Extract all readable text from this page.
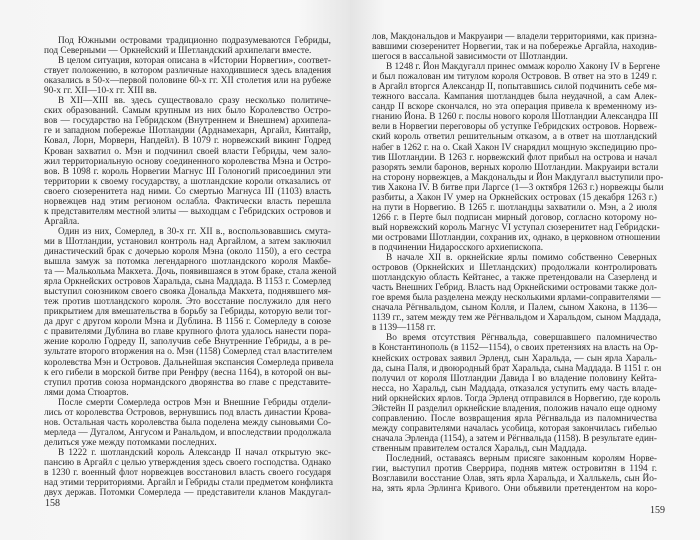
Под Южными островами традиционно подразумеваются Гебриды,
под Северными — Оркнейский и Шетландский архипелаги вместе.
В целом ситуация, которая описана в «Истории Норвегии», соответ-
ствует положению, в котором различные находившиеся здесь владения
оказались в 50-х—первой половине 60-х гг. XII столетия или на рубеже
90-х гг. XII—10-х гг. XIII вв.
В XII—XIII вв. здесь существовало сразу несколько политиче-
ских образований. Самым крупным из них было Королевство Остро-
вов — государство на Гебридском (Внутреннем и Внешнем) архипела-
ге и западном побережье Шотландии (Арднамехарн, Аргайл, Кинтайр,
Ковал, Лорн, Морверн, Напдейл). В 1079 г. норвежский викинг Годред
Крован захватил о. Мэн и подчинил своей власти Гебриды, чем зало-
жил территориальную основу соединенного королевства Мэна и Остро-
вов. В 1098 г. король Норвегии Магнус III Голоногий присоединил эти
территории к своему государству, а шотландские короли отказались от
своего сюзеренитета над ними. Со смертью Магнуса III (1103) власть
норвежцев над этим регионом ослабла. Фактически власть перешла
к представителям местной элиты — выходцам с Гебридских островов и
Аргайла.
Один из них, Сомерлед, в 30-х гг. XII в., воспользовавшись смута-
ми в Шотландии, установил контроль над Аргайлом, а затем заключил
династический брак с дочерью короля Мэна (около 1150), а его сестра
вышла замуж за потомка легендарного шотландского короля Макбе-
та — Малькольма Макхета. Дочь, появившаяся в этом браке, стала женой
ярла Оркнейских островов Харальда, сына Маддада. В 1153 г. Сомерлед
выступил союзником своего свояка Дональда Макхета, поднявшего мя-
теж против шотландского короля. Это восстание послужило для него
прикрытием для вмешательства в борьбу за Гебриды, которую вели тог-
да друг с другом короли Мэна и Дублина. В 1156 г. Сомерледу в союзе
с правителями Дублина во главе крупного флота удалось нанести пора-
жение королю Годреду II, заполучив себе Внутренние Гебриды, а в ре-
зультате второго вторжения на о. Мэн (1158) Сомерлед стал властителем
королевства Мэн и Островов. Дальнейшая экспансия Сомерледа привела
к его гибели в морской битве при Ренфру (весна 1164), в которой он вы-
ступил против союза нормандского дворянства во главе с представите-
лями дома Стюартов.
После смерти Сомерледа остров Мэн и Внешние Гебриды отдели-
лись от королевства Островов, вернувшись под власть династии Крова-
нов. Остальная часть королевства была поделена между сыновьями Со-
мерледа — Дугалом, Ангусом и Ранальдом, и впоследствии продолжала
делиться уже между потомками последних.
В 1222 г. шотландский король Александр II начал открытую экс-
пансию в Аргайл с целью утверждения здесь своего господства. Однако
в 1230 г. военный флот норвежцев восстановил власть своего государя
над этими территориями. Аргайл и Гебриды стали предметом конфликта
двух держав. Потомки Сомерледа — представители кланов Макдугал-
158
лов, Макдональдов и Макруаири — владели территориями, как призна-
вавшими сюзеренитет Норвегии, так и на побережье Аргайла, находив-
шегося в вассальной зависимости от Шотландии.
В 1248 г. Йон Макдугалл принес оммаж королю Хакону IV в Бергене
и был пожалован им титулом короля Островов. В ответ на это в 1249 г.
в Аргайл вторгся Александр II, попытавшись силой подчинить себе мя-
тежного вассала. Кампания шотландцев была неудачной, а сам Алек-
сандр II вскоре скончался, но эта операция привела к временному из-
гнанию Йона. В 1260 г. послы нового короля Шотландии Александра III
вели в Норвегии переговоры об уступке Гебридских островов. Норвеж-
ский король ответил решительным отказом, а в ответ на шотландский
набег в 1262 г. на о. Скай Хакон IV снарядил мощную экспедицию про-
тив Шотландии. В 1263 г. норвежский флот прибыл на острова и начал
разорять земли баронов, верных королю Шотландии. Макруаири встали
на сторону норвежцев, а Макдональды и Йон Макдугалл выступили про-
тив Хакона IV. В битве при Ларгсе (1—3 октября 1263 г.) норвежцы были
разбиты, а Хакон IV умер на Оркнейских островах (15 декабря 1263 г.)
на пути в Норвегию. В 1265 г. шотландцы захватили о. Мэн, а 2 июля
1266 г. в Перте был подписан мирный договор, согласно которому но-
вый норвежский король Магнус VI уступал сюзеренитет над Гебридски-
ми островами Шотландии, сохранив их, однако, в церковном отношении
в подчинении Нидаросского архиепископа.
В начале XII в. оркнейские ярлы помимо собственно Северных
островов (Оркнейских и Шетландских) продолжали контролировать
шотландскую область Кейтанес, а также претендовали на Сазерленд и
часть Внешних Гебрид. Власть над Оркнейскими островами также дол-
гое время была разделена между несколькими ярлами-соправителями —
сначала Рёгнвальдом, сыном Колля, и Палем, сыном Хакона, в 1136—
1139 гг., затем между тем же Рёгнвальдом и Харальдом, сыном Маддада,
в 1139—1158 гг.
Во время отсутствия Рёгнвальда, совершавшего паломничество
в Константинополь (в 1152—1154), о своих претензиях на власть на Ор-
кнейских островах заявил Эрленд, сын Харальда, — сын ярла Хараль-
да, сына Паля, и двоюродный брат Харальда, сына Маддада. В 1151 г. он
получил от короля Шотландии Давида I во владение половину Кейта-
несса, но Харальд, сын Маддада, отказался уступить ему часть владе-
ний оркнейских ярлов. Тогда Эрленд отправился в Норвегию, где король
Эйстейн II разделил оркнейские владения, положив начало еще одному
соправлению. После возвращения ярла Рёгнвальда из паломничества
между соправителями началась усобица, которая закончилась гибелью
сначала Эрленда (1154), а затем и Рёгнвальда (1158). В результате един-
ственным правителем остался Харальд, сын Маддада.
Последний, оставаясь верным присяге законным королям Норве-
гии, выступил против Сверрира, подняв мятеж островитян в 1194 г.
Возглавили восстание Олав, зять ярла Харальда, и Халлькель, сын Йо-
на, зять ярла Эрлинга Кривого. Они объявили претендентом на коро-
159
